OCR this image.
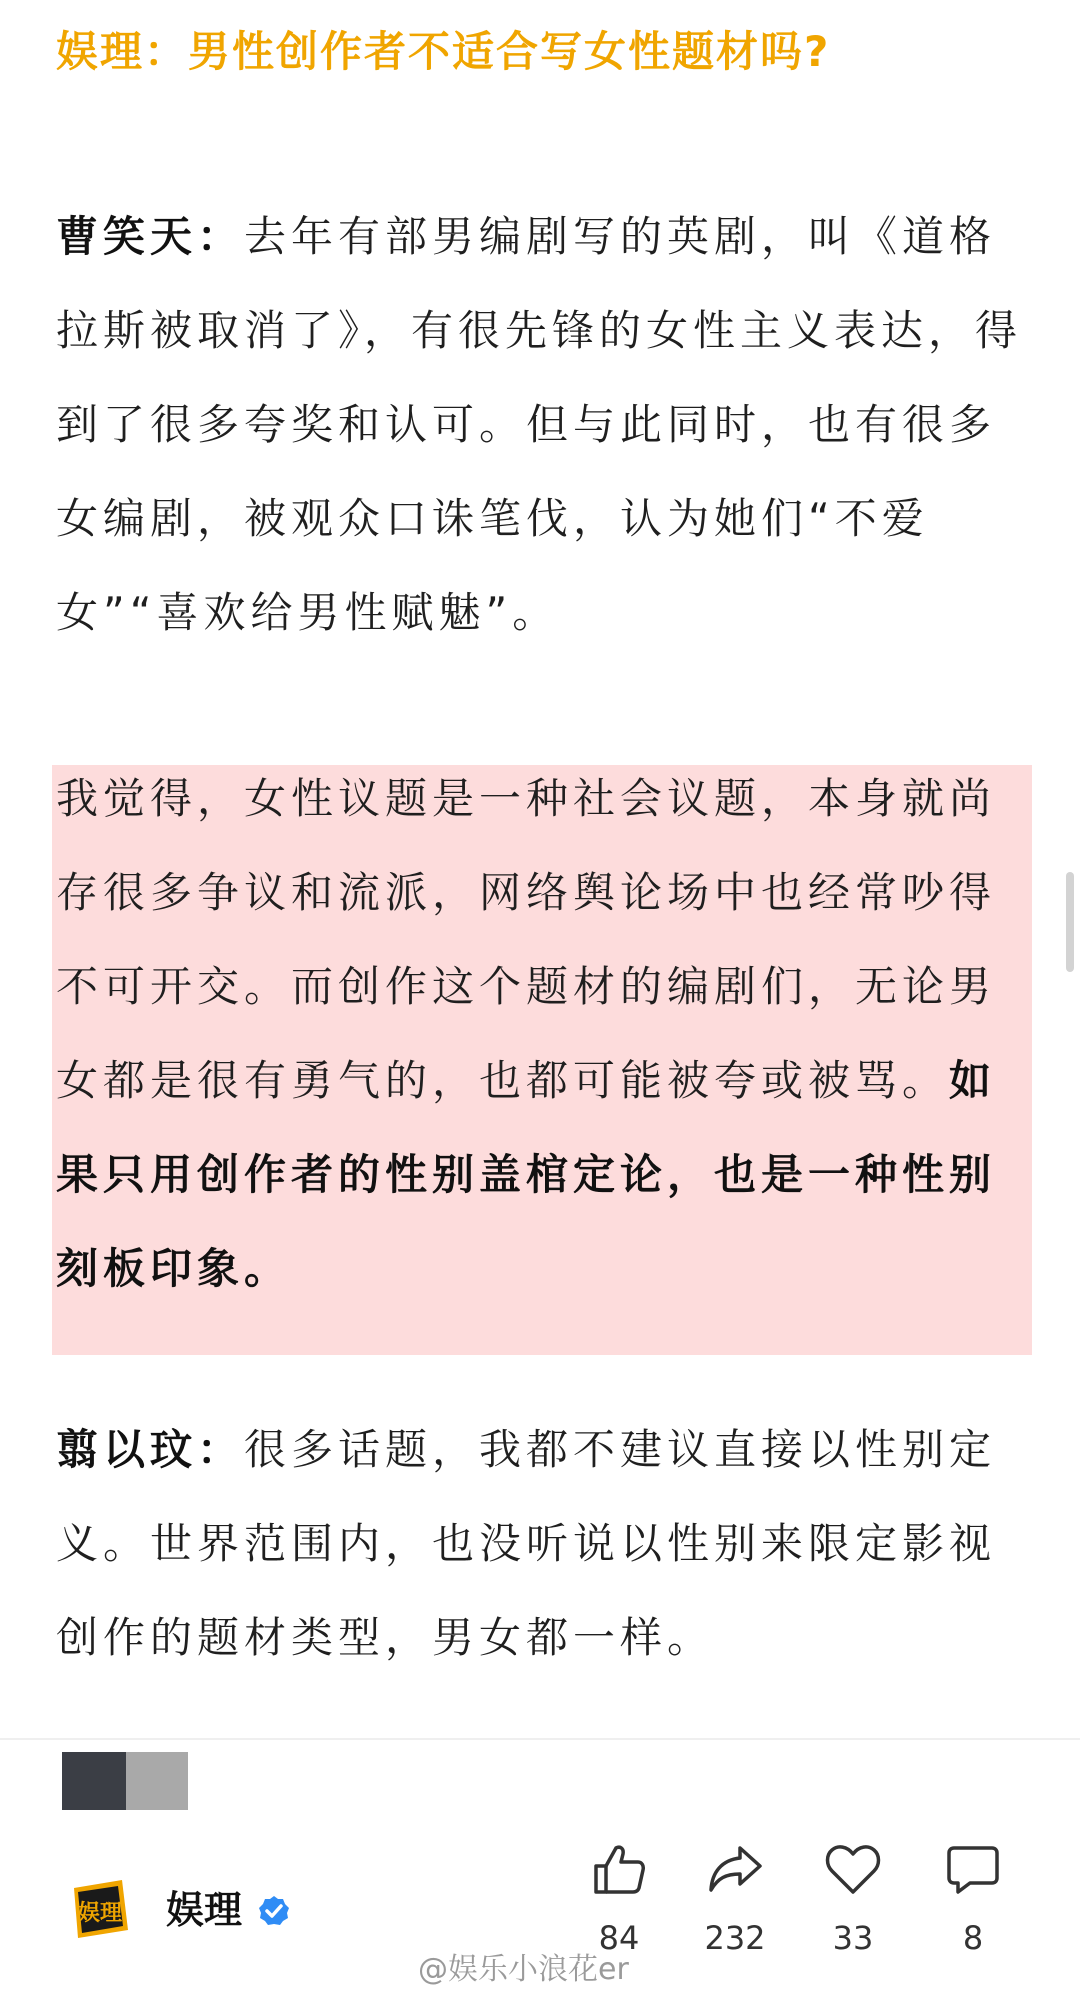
娱理：男性创作者不适合写女性题材吗?
曹笑天：去年有部男编剧写的英剧，叫《道格拉斯被取消了》，有很先锋的女性主义表达，得到了很多夸奖和认可。但与此同时，也有很多女编剧，被观众口诛笔伐，认为她们“不爱女”“喜欢给男性赋魅”。
我觉得，女性议题是一种社会议题，本身就尚存很多争议和流派，网络舆论场中也经常吵得不可开交。而创作这个题材的编剧们，无论男女都是很有勇气的，也都可能被夸或被骂。如果只用创作者的性别盖棺定论，也是一种性别刻板印象。
翦以玟：很多话题，我都不建议直接以性别定义。世界范围内，也没听说以性别来限定影视创作的题材类型，男女都一样。
娱理 娱理
84	232	33	8
@娱乐小浪花er
